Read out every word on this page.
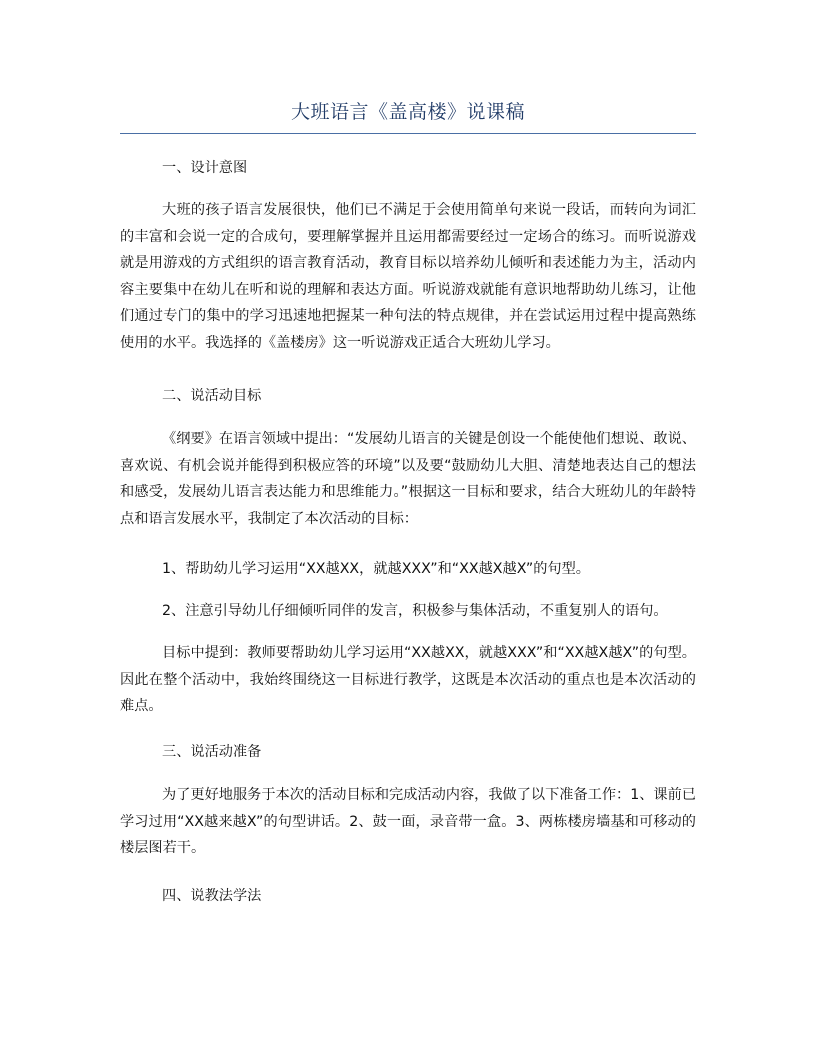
大班语言《盖高楼》说课稿
一、设计意图
大班的孩子语言发展很快，他们已不满足于会使用简单句来说一段话，而转向为词汇的丰富和会说一定的合成句，要理解掌握并且运用都需要经过一定场合的练习。而听说游戏就是用游戏的方式组织的语言教育活动，教育目标以培养幼儿倾听和表述能力为主，活动内容主要集中在幼儿在听和说的理解和表达方面。听说游戏就能有意识地帮助幼儿练习，让他们通过专门的集中的学习迅速地把握某一种句法的特点规律，并在尝试运用过程中提高熟练使用的水平。我选择的《盖楼房》这一听说游戏正适合大班幼儿学习。
二、说活动目标
《纲要》在语言领域中提出：“发展幼儿语言的关键是创设一个能使他们想说、敢说、喜欢说、有机会说并能得到积极应答的环境”以及要“鼓励幼儿大胆、清楚地表达自己的想法和感受，发展幼儿语言表达能力和思维能力。”根据这一目标和要求，结合大班幼儿的年龄特点和语言发展水平，我制定了本次活动的目标：
1、帮助幼儿学习运用“XX越XX，就越XXX”和“XX越X越X”的句型。
2、注意引导幼儿仔细倾听同伴的发言，积极参与集体活动，不重复别人的语句。
目标中提到：教师要帮助幼儿学习运用“XX越XX，就越XXX”和“XX越X越X”的句型。因此在整个活动中，我始终围绕这一目标进行教学，这既是本次活动的重点也是本次活动的难点。
三、说活动准备
为了更好地服务于本次的活动目标和完成活动内容，我做了以下准备工作：1、课前已学习过用“XX越来越X”的句型讲话。2、鼓一面，录音带一盒。3、两栋楼房墙基和可移动的楼层图若干。
四、说教法学法
